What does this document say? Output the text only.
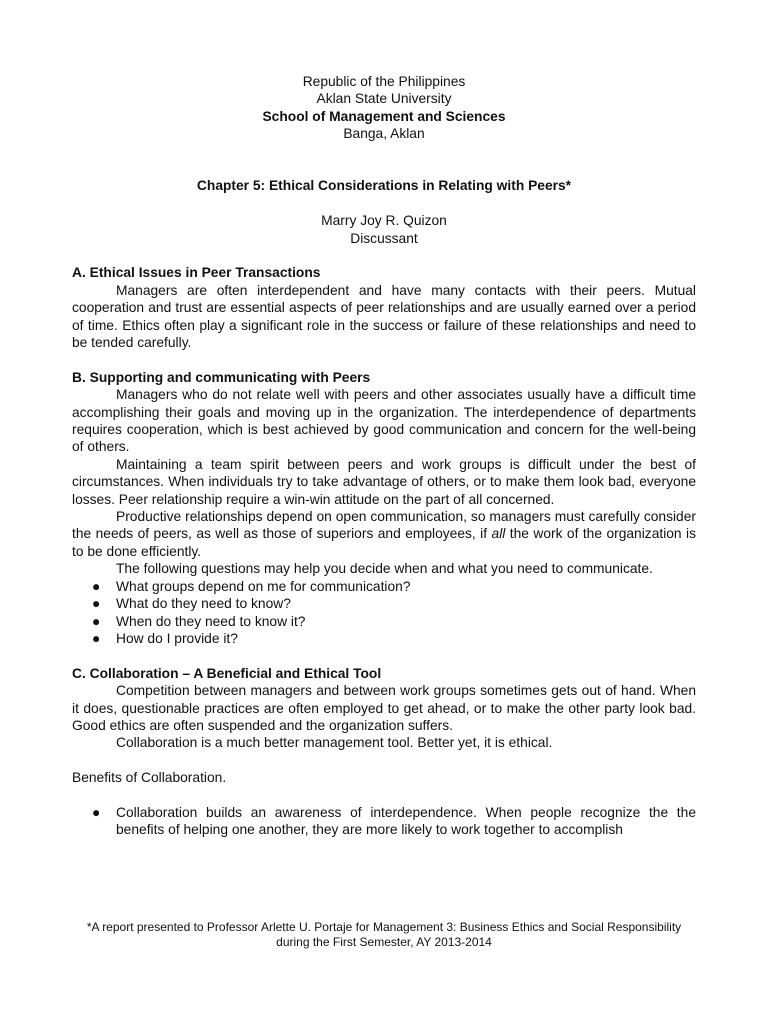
Republic of the Philippines
Aklan State University
School of Management and Sciences
Banga, Aklan
Chapter 5: Ethical Considerations in Relating with Peers*
Marry Joy R. Quizon
Discussant
A. Ethical Issues in Peer Transactions
Managers are often interdependent and have many contacts with their peers. Mutual cooperation and trust are essential aspects of peer relationships and are usually earned over a period of time. Ethics often play a significant role in the success or failure of these relationships and need to be tended carefully.
B. Supporting and communicating with Peers
Managers who do not relate well with peers and other associates usually have a difficult time accomplishing their goals and moving up in the organization. The interdependence of departments requires cooperation, which is best achieved by good communication and concern for the well-being of others.
Maintaining a team spirit between peers and work groups is difficult under the best of circumstances. When individuals try to take advantage of others, or to make them look bad, everyone losses. Peer relationship require a win-win attitude on the part of all concerned.
Productive relationships depend on open communication, so managers must carefully consider the needs of peers, as well as those of superiors and employees, if all the work of the organization is to be done efficiently.
The following questions may help you decide when and what you need to communicate.
● What groups depend on me for communication?
● What do they need to know?
● When do they need to know it?
● How do I provide it?
C. Collaboration – A Beneficial and Ethical Tool
Competition between managers and between work groups sometimes gets out of hand. When it does, questionable practices are often employed to get ahead, or to make the other party look bad. Good ethics are often suspended and the organization suffers.
Collaboration is a much better management tool. Better yet, it is ethical.
Benefits of Collaboration.
● Collaboration builds an awareness of interdependence. When people recognize the the benefits of helping one another, they are more likely to work together to accomplish
*A report presented to Professor Arlette U. Portaje for Management 3: Business Ethics and Social Responsibility
during the First Semester, AY 2013-2014
